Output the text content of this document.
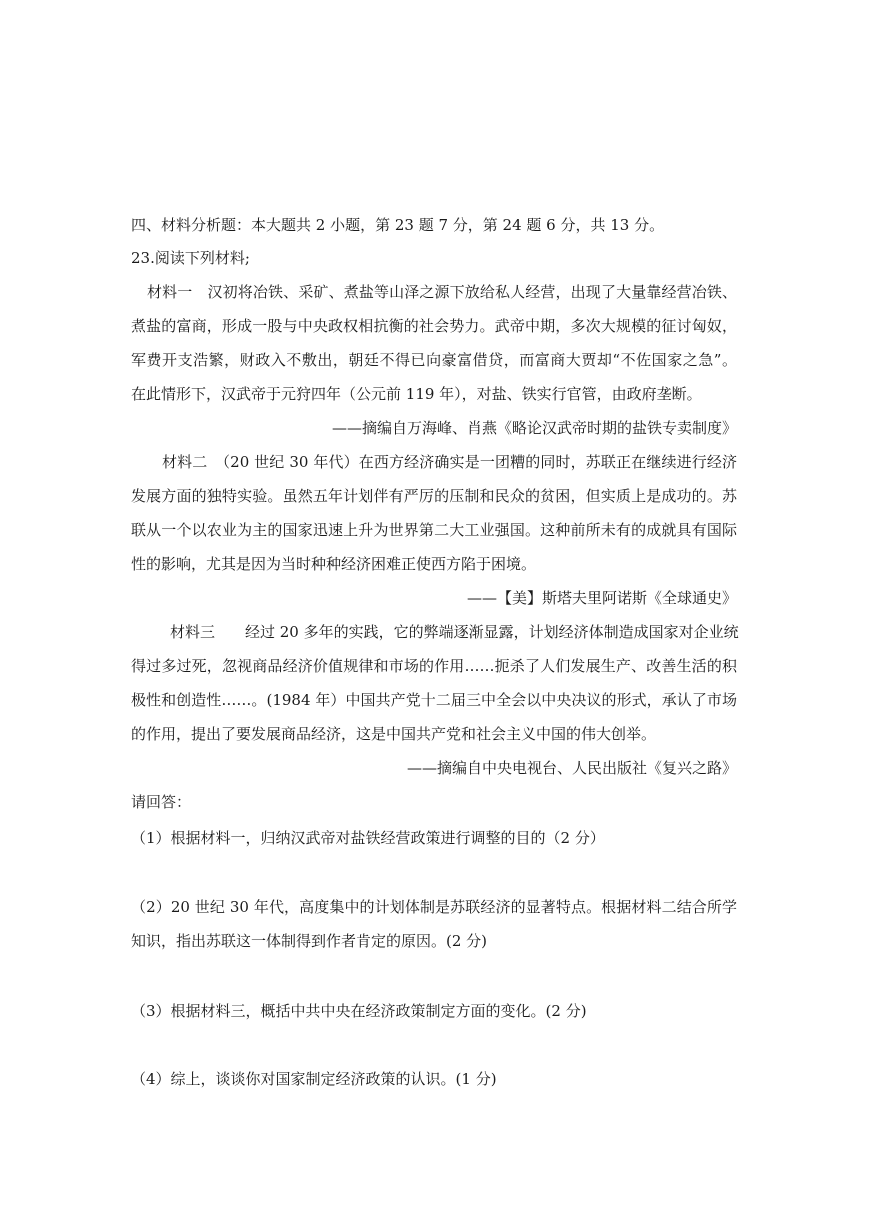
四、材料分析题：本大题共 2 小题，第 23 题 7 分，第 24 题 6 分，共 13 分。
23.阅读下列材料;
材料一　汉初将冶铁、采矿、煮盐等山泽之源下放给私人经营，出现了大量靠经营冶铁、
煮盐的富商，形成一股与中央政权相抗衡的社会势力。武帝中期，多次大规模的征讨匈奴，
军费开支浩繁，财政入不敷出，朝廷不得已向豪富借贷，而富商大贾却“不佐国家之急”。
在此情形下，汉武帝于元狩四年（公元前 119 年），对盐、铁实行官管，由政府垄断。
——摘编自万海峰、肖燕《略论汉武帝时期的盐铁专卖制度》
材料二　（20 世纪 30 年代）在西方经济确实是一团糟的同时，苏联正在继续进行经济
发展方面的独特实验。虽然五年计划伴有严厉的压制和民众的贫困，但实质上是成功的。苏
联从一个以农业为主的国家迅速上升为世界第二大工业强国。这种前所未有的成就具有国际
性的影响，尤其是因为当时种种经济困难正使西方陷于困境。
——【美】斯塔夫里阿诺斯《全球通史》
材料三　　经过 20 多年的实践，它的弊端逐渐显露，计划经济体制造成国家对企业统
得过多过死，忽视商品经济价值规律和市场的作用……扼杀了人们发展生产、改善生活的积
极性和创造性……。(1984 年）中国共产党十二届三中全会以中央决议的形式，承认了市场
的作用，提出了要发展商品经济，这是中国共产党和社会主义中国的伟大创举。
——摘编自中央电视台、人民出版社《复兴之路》
请回答：
（1）根据材料一，归纳汉武帝对盐铁经营政策进行调整的目的（2 分）
（2）20 世纪 30 年代，高度集中的计划体制是苏联经济的显著特点。根据材料二结合所学
知识，指出苏联这一体制得到作者肯定的原因。(2 分)
（3）根据材料三，概括中共中央在经济政策制定方面的变化。(2 分)
（4）综上，谈谈你对国家制定经济政策的认识。(1 分)
